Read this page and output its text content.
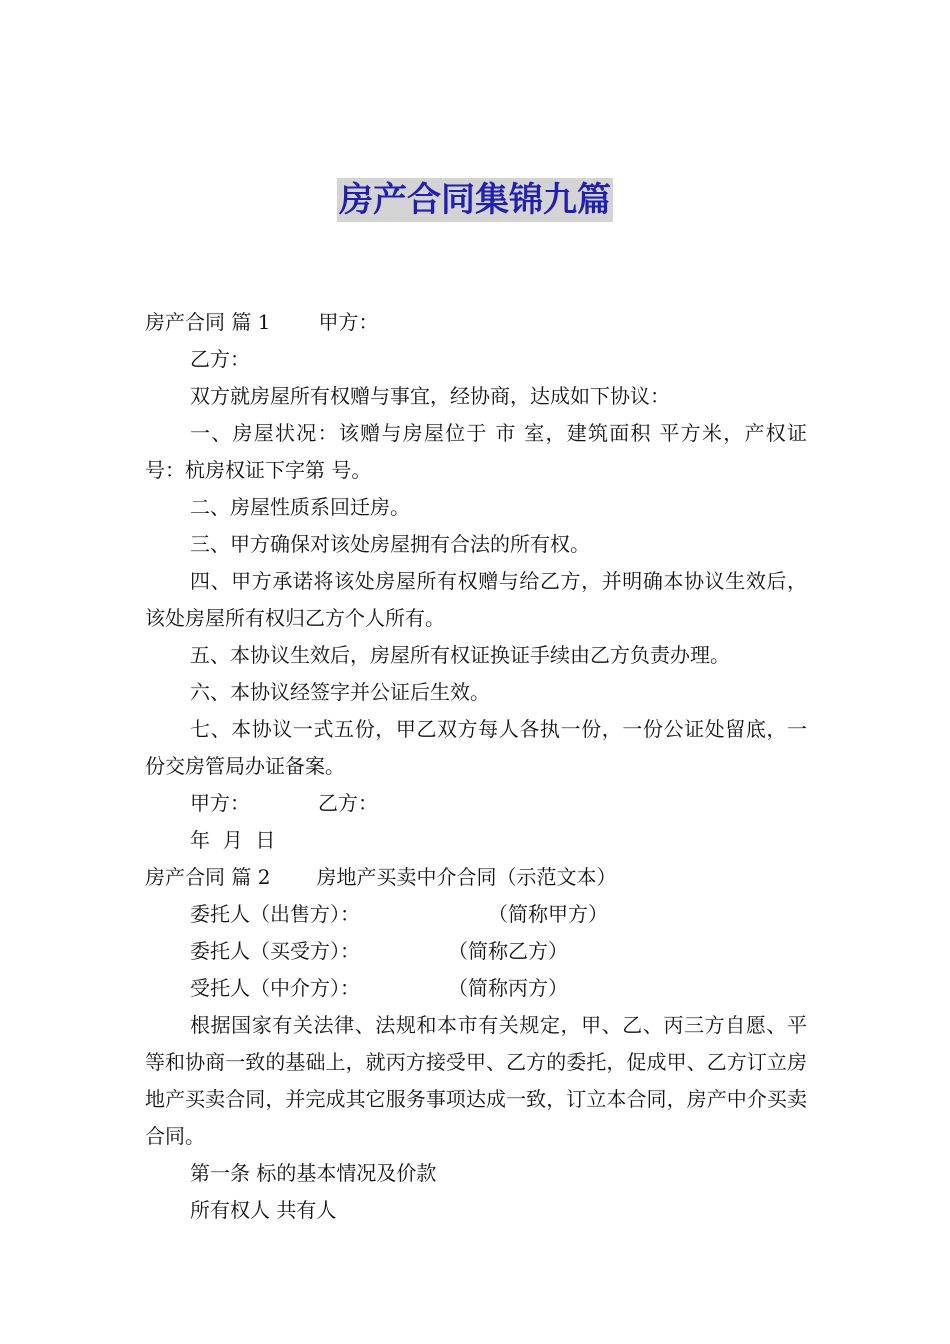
房产合同集锦九篇

房产合同 篇 1 甲方：

乙方：

双方就房屋所有权赠与事宜，经协商，达成如下协议：

一、房屋状况：该赠与房屋位于 市 室，建筑面积 平方米，产权证号：杭房权证下字第 号。

二、房屋性质系回迁房。

三、甲方确保对该处房屋拥有合法的所有权。

四、甲方承诺将该处房屋所有权赠与给乙方，并明确本协议生效后，该处房屋所有权归乙方个人所有。

五、本协议生效后，房屋所有权证换证手续由乙方负责办理。

六、本协议经签字并公证后生效。

七、本协议一式五份，甲乙双方每人各执一份，一份公证处留底，一份交房管局办证备案。

甲方：	乙方：

年  月  日

房产合同 篇 2 房地产买卖中介合同（示范文本）

委托人（出售方）：	（简称甲方）

委托人（买受方）：	（简称乙方）

受托人（中介方）：	（简称丙方）

根据国家有关法律、法规和本市有关规定，甲、乙、丙三方自愿、平等和协商一致的基础上，就丙方接受甲、乙方的委托，促成甲、乙方订立房地产买卖合同，并完成其它服务事项达成一致，订立本合同，房产中介买卖合同。

第一条 标的基本情况及价款

所有权人 共有人
